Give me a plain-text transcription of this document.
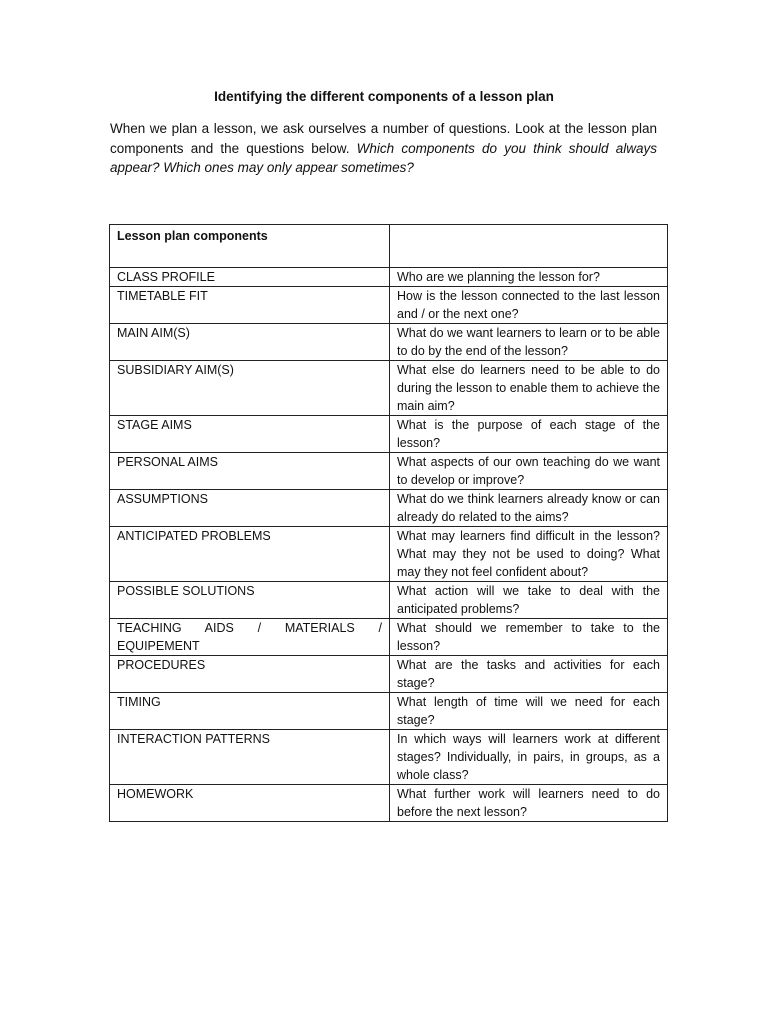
Identifying the different components of a lesson plan
When we plan a lesson, we ask ourselves a number of questions. Look at the lesson plan components and the questions below. Which components do you think should always appear? Which ones may only appear sometimes?
Lesson plan components	
CLASS PROFILE	Who are we planning the lesson for?
TIMETABLE FIT	How is the lesson connected to the last lesson and / or the next one?
MAIN AIM(S)	What do we want learners to learn or to be able to do by the end of the lesson?
SUBSIDIARY AIM(S)	What else do learners need to be able to do during the lesson to enable them to achieve the main aim?
STAGE AIMS	What is the purpose of each stage of the lesson?
PERSONAL AIMS	What aspects of our own teaching do we want to develop or improve?
ASSUMPTIONS	What do we think learners already know or can already do related to the aims?
ANTICIPATED PROBLEMS	What may learners find difficult in the lesson? What may they not be used to doing? What may they not feel confident about?
POSSIBLE SOLUTIONS	What action will we take to deal with the anticipated problems?
TEACHING AIDS / MATERIALS / EQUIPEMENT	What should we remember to take to the lesson?
PROCEDURES	What are the tasks and activities for each stage?
TIMING	What length of time will we need for each stage?
INTERACTION PATTERNS	In which ways will learners work at different stages? Individually, in pairs, in groups, as a whole class?
HOMEWORK	What further work will learners need to do before the next lesson?
